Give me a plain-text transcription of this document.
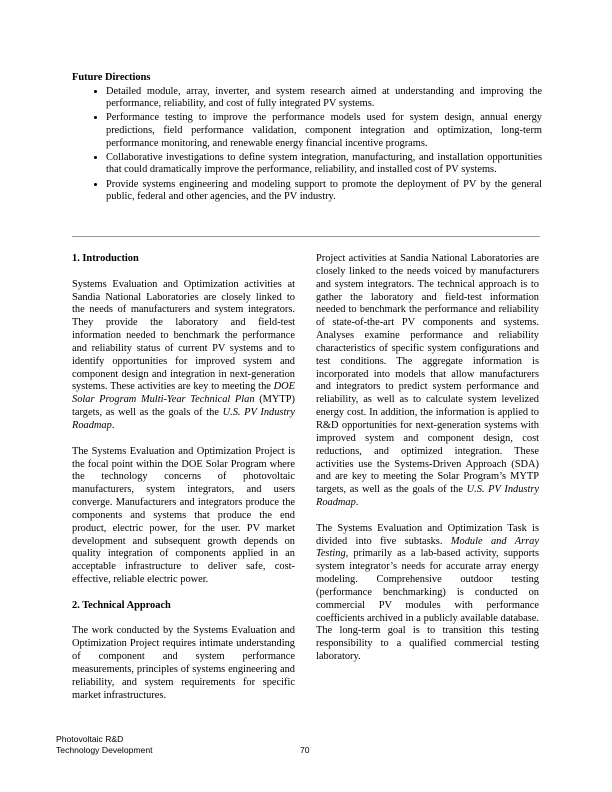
Future Directions
• Detailed module, array, inverter, and system research aimed at understanding and improving the performance, reliability, and cost of fully integrated PV systems.
• Performance testing to improve the performance models used for system design, annual energy predictions, field performance validation, component integration and optimization, long-term performance monitoring, and renewable energy financial incentive programs.
• Collaborative investigations to define system integration, manufacturing, and installation opportunities that could dramatically improve the performance, reliability, and installed cost of PV systems.
• Provide systems engineering and modeling support to promote the deployment of PV by the general public, federal and other agencies, and the PV industry.
1. Introduction

Systems Evaluation and Optimization activities at Sandia National Laboratories are closely linked to the needs of manufacturers and system integrators. They provide the laboratory and field-test information needed to benchmark the performance and reliability status of current PV systems and to identify opportunities for improved system and component design and integration in next-generation systems. These activities are key to meeting the DOE Solar Program Multi-Year Technical Plan (MYTP) targets, as well as the goals of the U.S. PV Industry Roadmap.

The Systems Evaluation and Optimization Project is the focal point within the DOE Solar Program where the technology concerns of photovoltaic manufacturers, system integrators, and users converge. Manufacturers and integrators produce the components and systems that produce the end product, electric power, for the user. PV market development and subsequent growth depends on quality integration of components applied in an acceptable infrastructure to deliver safe, cost-effective, reliable electric power.

2. Technical Approach

The work conducted by the Systems Evaluation and Optimization Project requires intimate understanding of component and system performance measurements, principles of systems engineering and reliability, and system requirements for specific market infrastructures.

Project activities at Sandia National Laboratories are closely linked to the needs voiced by manufacturers and system integrators. The technical approach is to gather the laboratory and field-test information needed to benchmark the performance and reliability of state-of-the-art PV components and systems. Analyses examine performance and reliability characteristics of specific system configurations and test conditions. The aggregate information is incorporated into models that allow manufacturers and integrators to predict system performance and reliability, as well as to calculate system levelized energy cost. In addition, the information is applied to R&D opportunities for next-generation systems with improved system and component design, cost reductions, and optimized integration. These activities use the Systems-Driven Approach (SDA) and are key to meeting the Solar Program’s MYTP targets, as well as the goals of the U.S. PV Industry Roadmap.

The Systems Evaluation and Optimization Task is divided into five subtasks. Module and Array Testing, primarily as a lab-based activity, supports system integrator’s needs for accurate array energy modeling. Comprehensive outdoor testing (performance benchmarking) is conducted on commercial PV modules with performance coefficients archived in a publicly available database. The long-term goal is to transition this testing responsibility to a qualified commercial testing laboratory.

Photovoltaic R&D
Technology Development	70
